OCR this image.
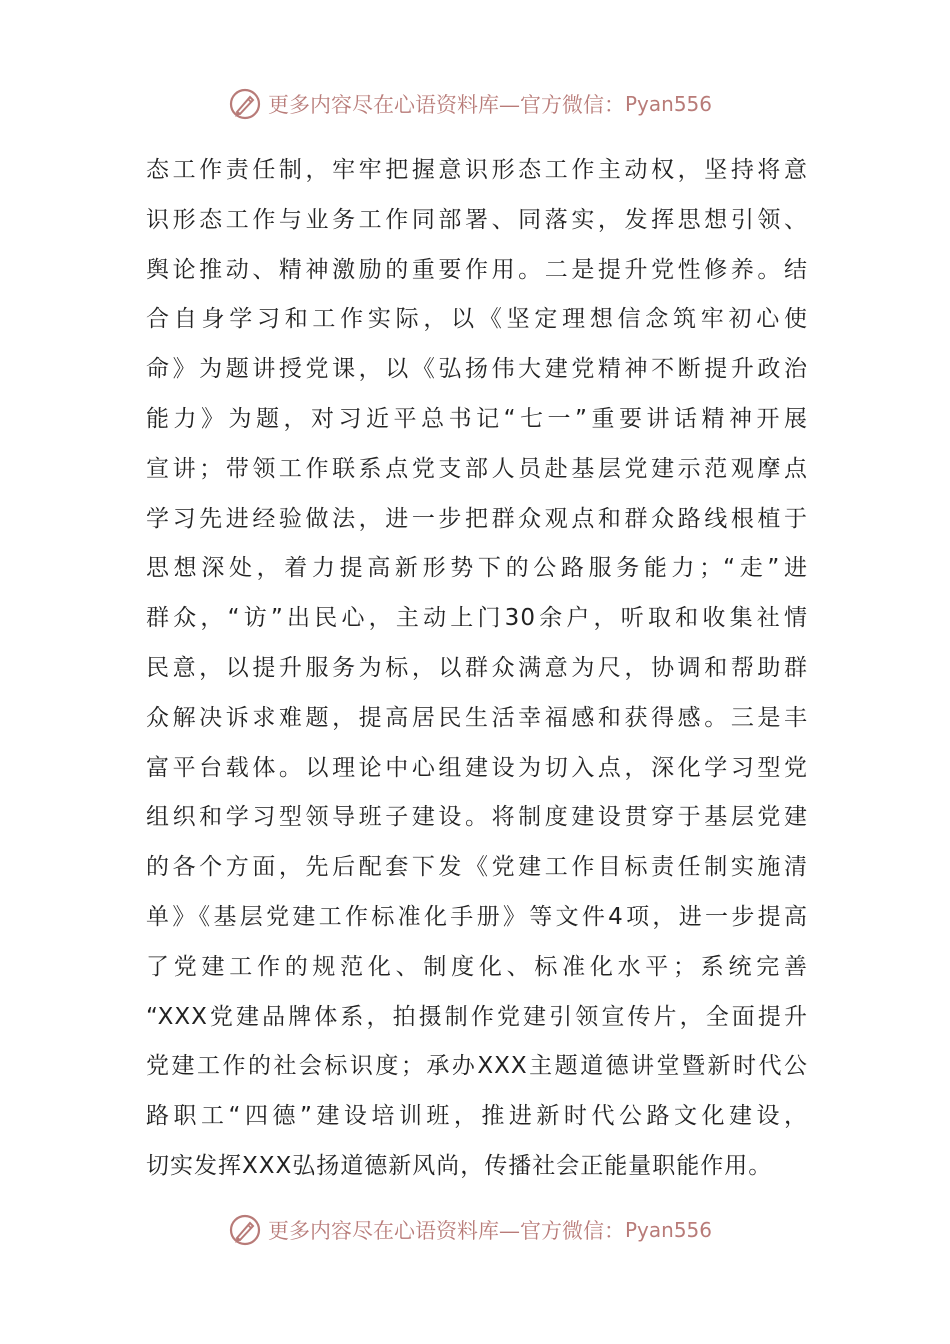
更多内容尽在心语资料库—官方微信： Pyan556
态工作责任制，牢牢把握意识形态工作主动权，坚持将意
识形态工作与业务工作同部署、同落实，发挥思想引领、
舆论推动、精神激励的重要作用。二是提升党性修养。结
合自身学习和工作实际，以《坚定理想信念筑牢初心使
命》为题讲授党课，以《弘扬伟大建党精神不断提升政治
能力》为题，对习近平总书记“七一”重要讲话精神开展
宣讲；带领工作联系点党支部人员赴基层党建示范观摩点
学习先进经验做法，进一步把群众观点和群众路线根植于
思想深处，着力提高新形势下的公路服务能力；“走”进
群众，“访”出民心，主动上门30余户，听取和收集社情
民意，以提升服务为标，以群众满意为尺，协调和帮助群
众解决诉求难题，提高居民生活幸福感和获得感。三是丰
富平台载体。以理论中心组建设为切入点，深化学习型党
组织和学习型领导班子建设。将制度建设贯穿于基层党建
的各个方面，先后配套下发《党建工作目标责任制实施清
单》《基层党建工作标准化手册》等文件4项，进一步提高
了党建工作的规范化、制度化、标准化水平；系统完善
“XXX党建品牌体系，拍摄制作党建引领宣传片，全面提升
党建工作的社会标识度；承办XXX主题道德讲堂暨新时代公
路职工“四德”建设培训班，推进新时代公路文化建设，
切实发挥XXX弘扬道德新风尚，传播社会正能量职能作用。
更多内容尽在心语资料库—官方微信： Pyan556
